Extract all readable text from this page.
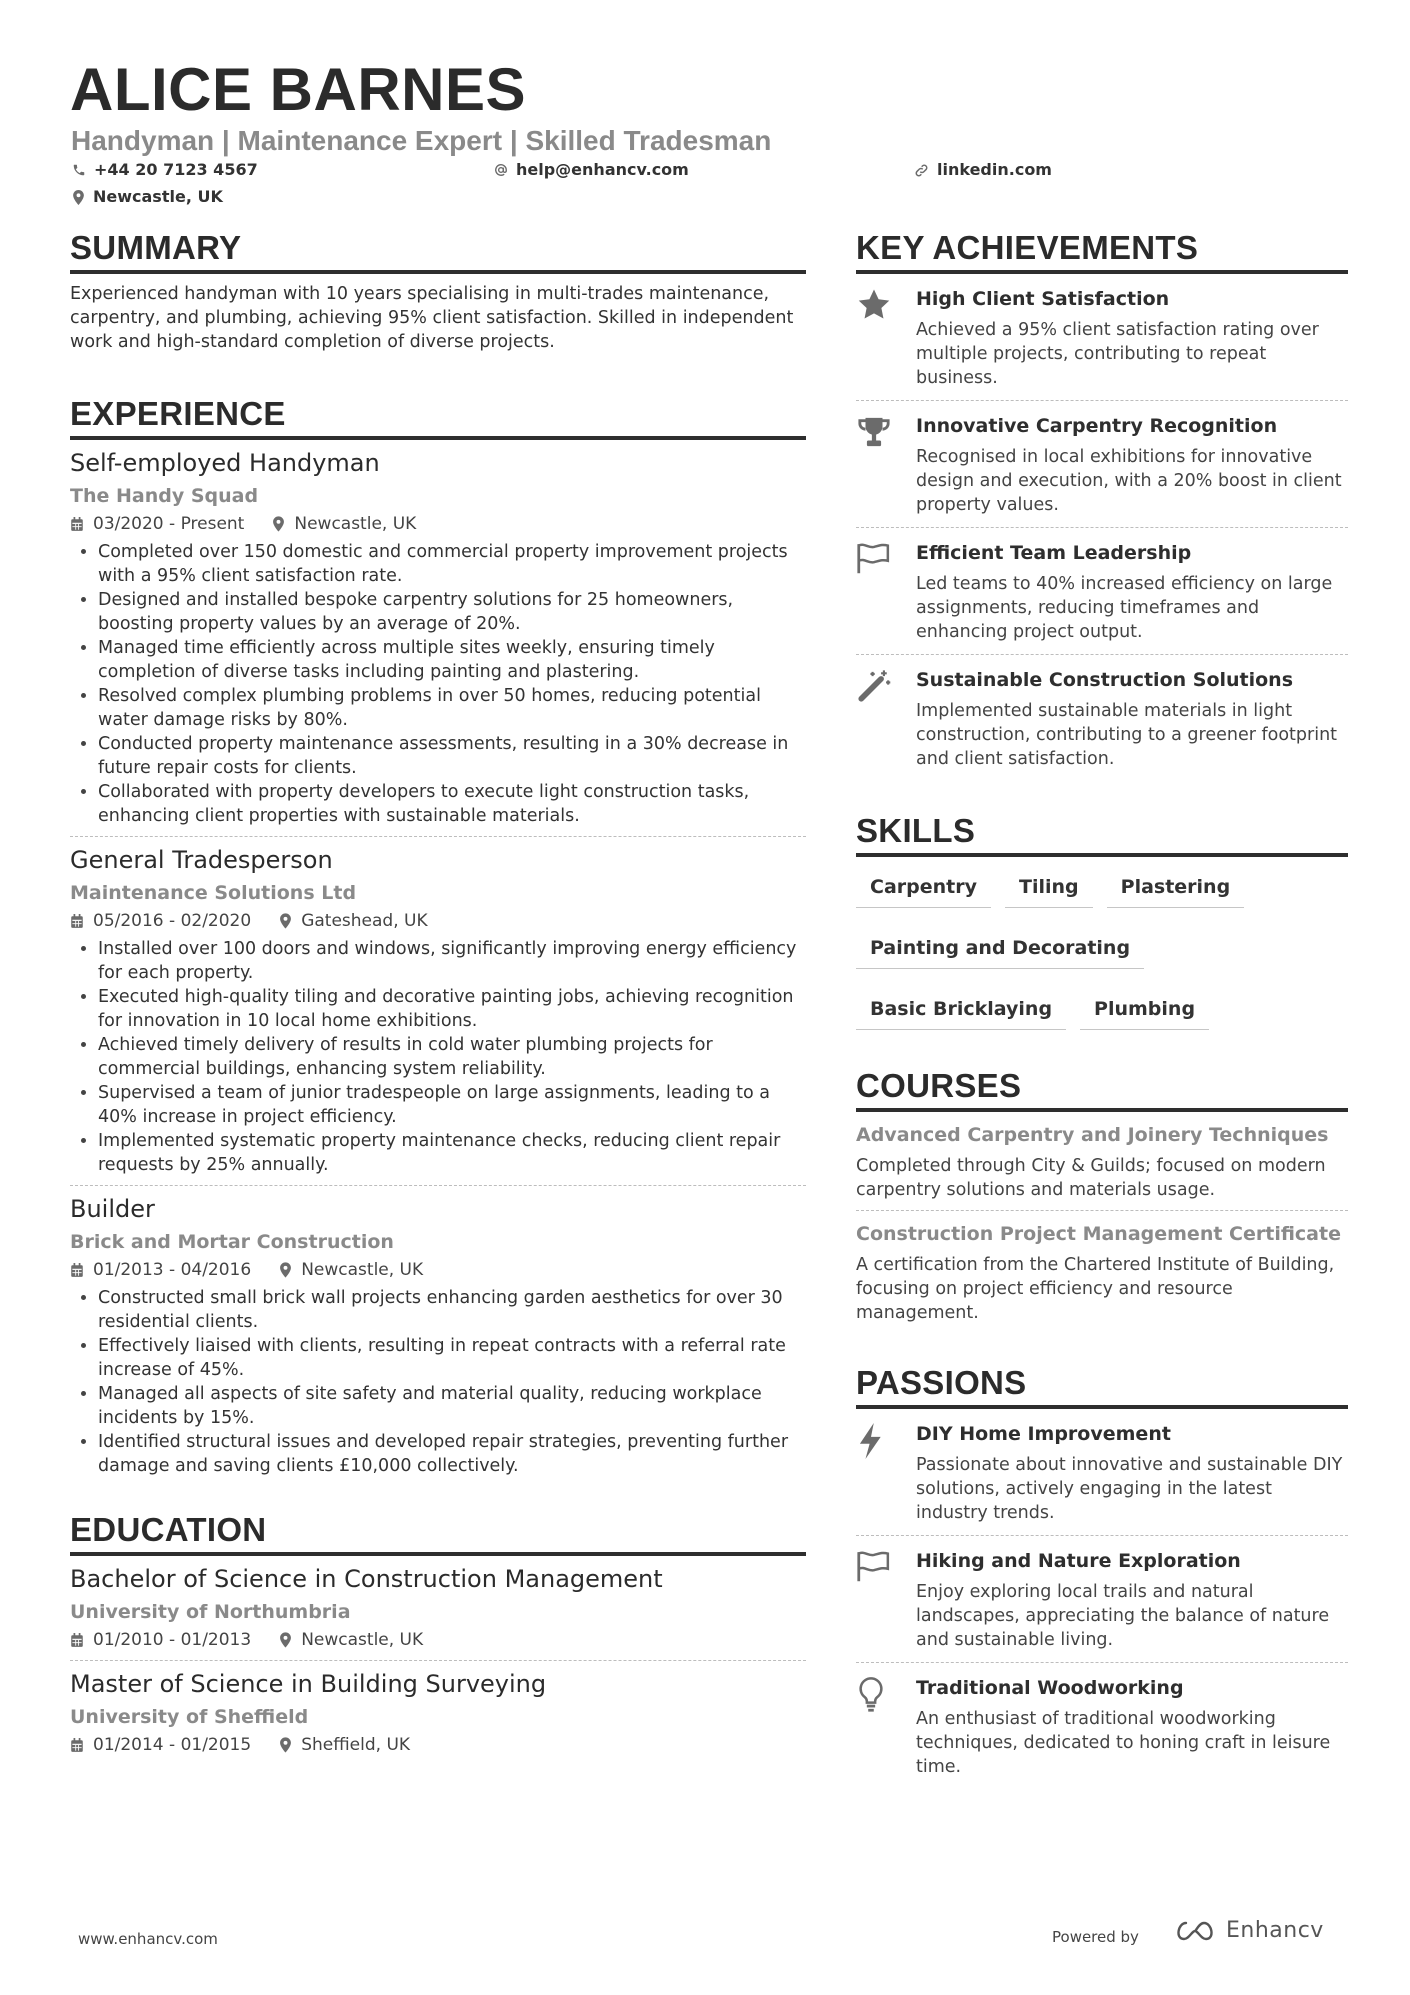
ALICE BARNES
Handyman | Maintenance Expert | Skilled Tradesman
+44 20 7123 4567	help@enhancv.com	linkedin.com
Newcastle, UK
SUMMARY
Experienced handyman with 10 years specialising in multi-trades maintenance, carpentry, and plumbing, achieving 95% client satisfaction. Skilled in independent work and high-standard completion of diverse projects.
EXPERIENCE
Self-employed Handyman
The Handy Squad
03/2020 - Present	Newcastle, UK
• Completed over 150 domestic and commercial property improvement projects with a 95% client satisfaction rate.
• Designed and installed bespoke carpentry solutions for 25 homeowners, boosting property values by an average of 20%.
• Managed time efficiently across multiple sites weekly, ensuring timely completion of diverse tasks including painting and plastering.
• Resolved complex plumbing problems in over 50 homes, reducing potential water damage risks by 80%.
• Conducted property maintenance assessments, resulting in a 30% decrease in future repair costs for clients.
• Collaborated with property developers to execute light construction tasks, enhancing client properties with sustainable materials.
General Tradesperson
Maintenance Solutions Ltd
05/2016 - 02/2020	Gateshead, UK
• Installed over 100 doors and windows, significantly improving energy efficiency for each property.
• Executed high-quality tiling and decorative painting jobs, achieving recognition for innovation in 10 local home exhibitions.
• Achieved timely delivery of results in cold water plumbing projects for commercial buildings, enhancing system reliability.
• Supervised a team of junior tradespeople on large assignments, leading to a 40% increase in project efficiency.
• Implemented systematic property maintenance checks, reducing client repair requests by 25% annually.
Builder
Brick and Mortar Construction
01/2013 - 04/2016	Newcastle, UK
• Constructed small brick wall projects enhancing garden aesthetics for over 30 residential clients.
• Effectively liaised with clients, resulting in repeat contracts with a referral rate increase of 45%.
• Managed all aspects of site safety and material quality, reducing workplace incidents by 15%.
• Identified structural issues and developed repair strategies, preventing further damage and saving clients £10,000 collectively.
EDUCATION
Bachelor of Science in Construction Management
University of Northumbria
01/2010 - 01/2013	Newcastle, UK
Master of Science in Building Surveying
University of Sheffield
01/2014 - 01/2015	Sheffield, UK
KEY ACHIEVEMENTS
High Client Satisfaction
Achieved a 95% client satisfaction rating over multiple projects, contributing to repeat business.
Innovative Carpentry Recognition
Recognised in local exhibitions for innovative design and execution, with a 20% boost in client property values.
Efficient Team Leadership
Led teams to 40% increased efficiency on large assignments, reducing timeframes and enhancing project output.
Sustainable Construction Solutions
Implemented sustainable materials in light construction, contributing to a greener footprint and client satisfaction.
SKILLS
Carpentry	Tiling	Plastering
Painting and Decorating
Basic Bricklaying	Plumbing
COURSES
Advanced Carpentry and Joinery Techniques
Completed through City & Guilds; focused on modern carpentry solutions and materials usage.
Construction Project Management Certificate
A certification from the Chartered Institute of Building, focusing on project efficiency and resource management.
PASSIONS
DIY Home Improvement
Passionate about innovative and sustainable DIY solutions, actively engaging in the latest industry trends.
Hiking and Nature Exploration
Enjoy exploring local trails and natural landscapes, appreciating the balance of nature and sustainable living.
Traditional Woodworking
An enthusiast of traditional woodworking techniques, dedicated to honing craft in leisure time.
www.enhancv.com	Powered by	Enhancv
